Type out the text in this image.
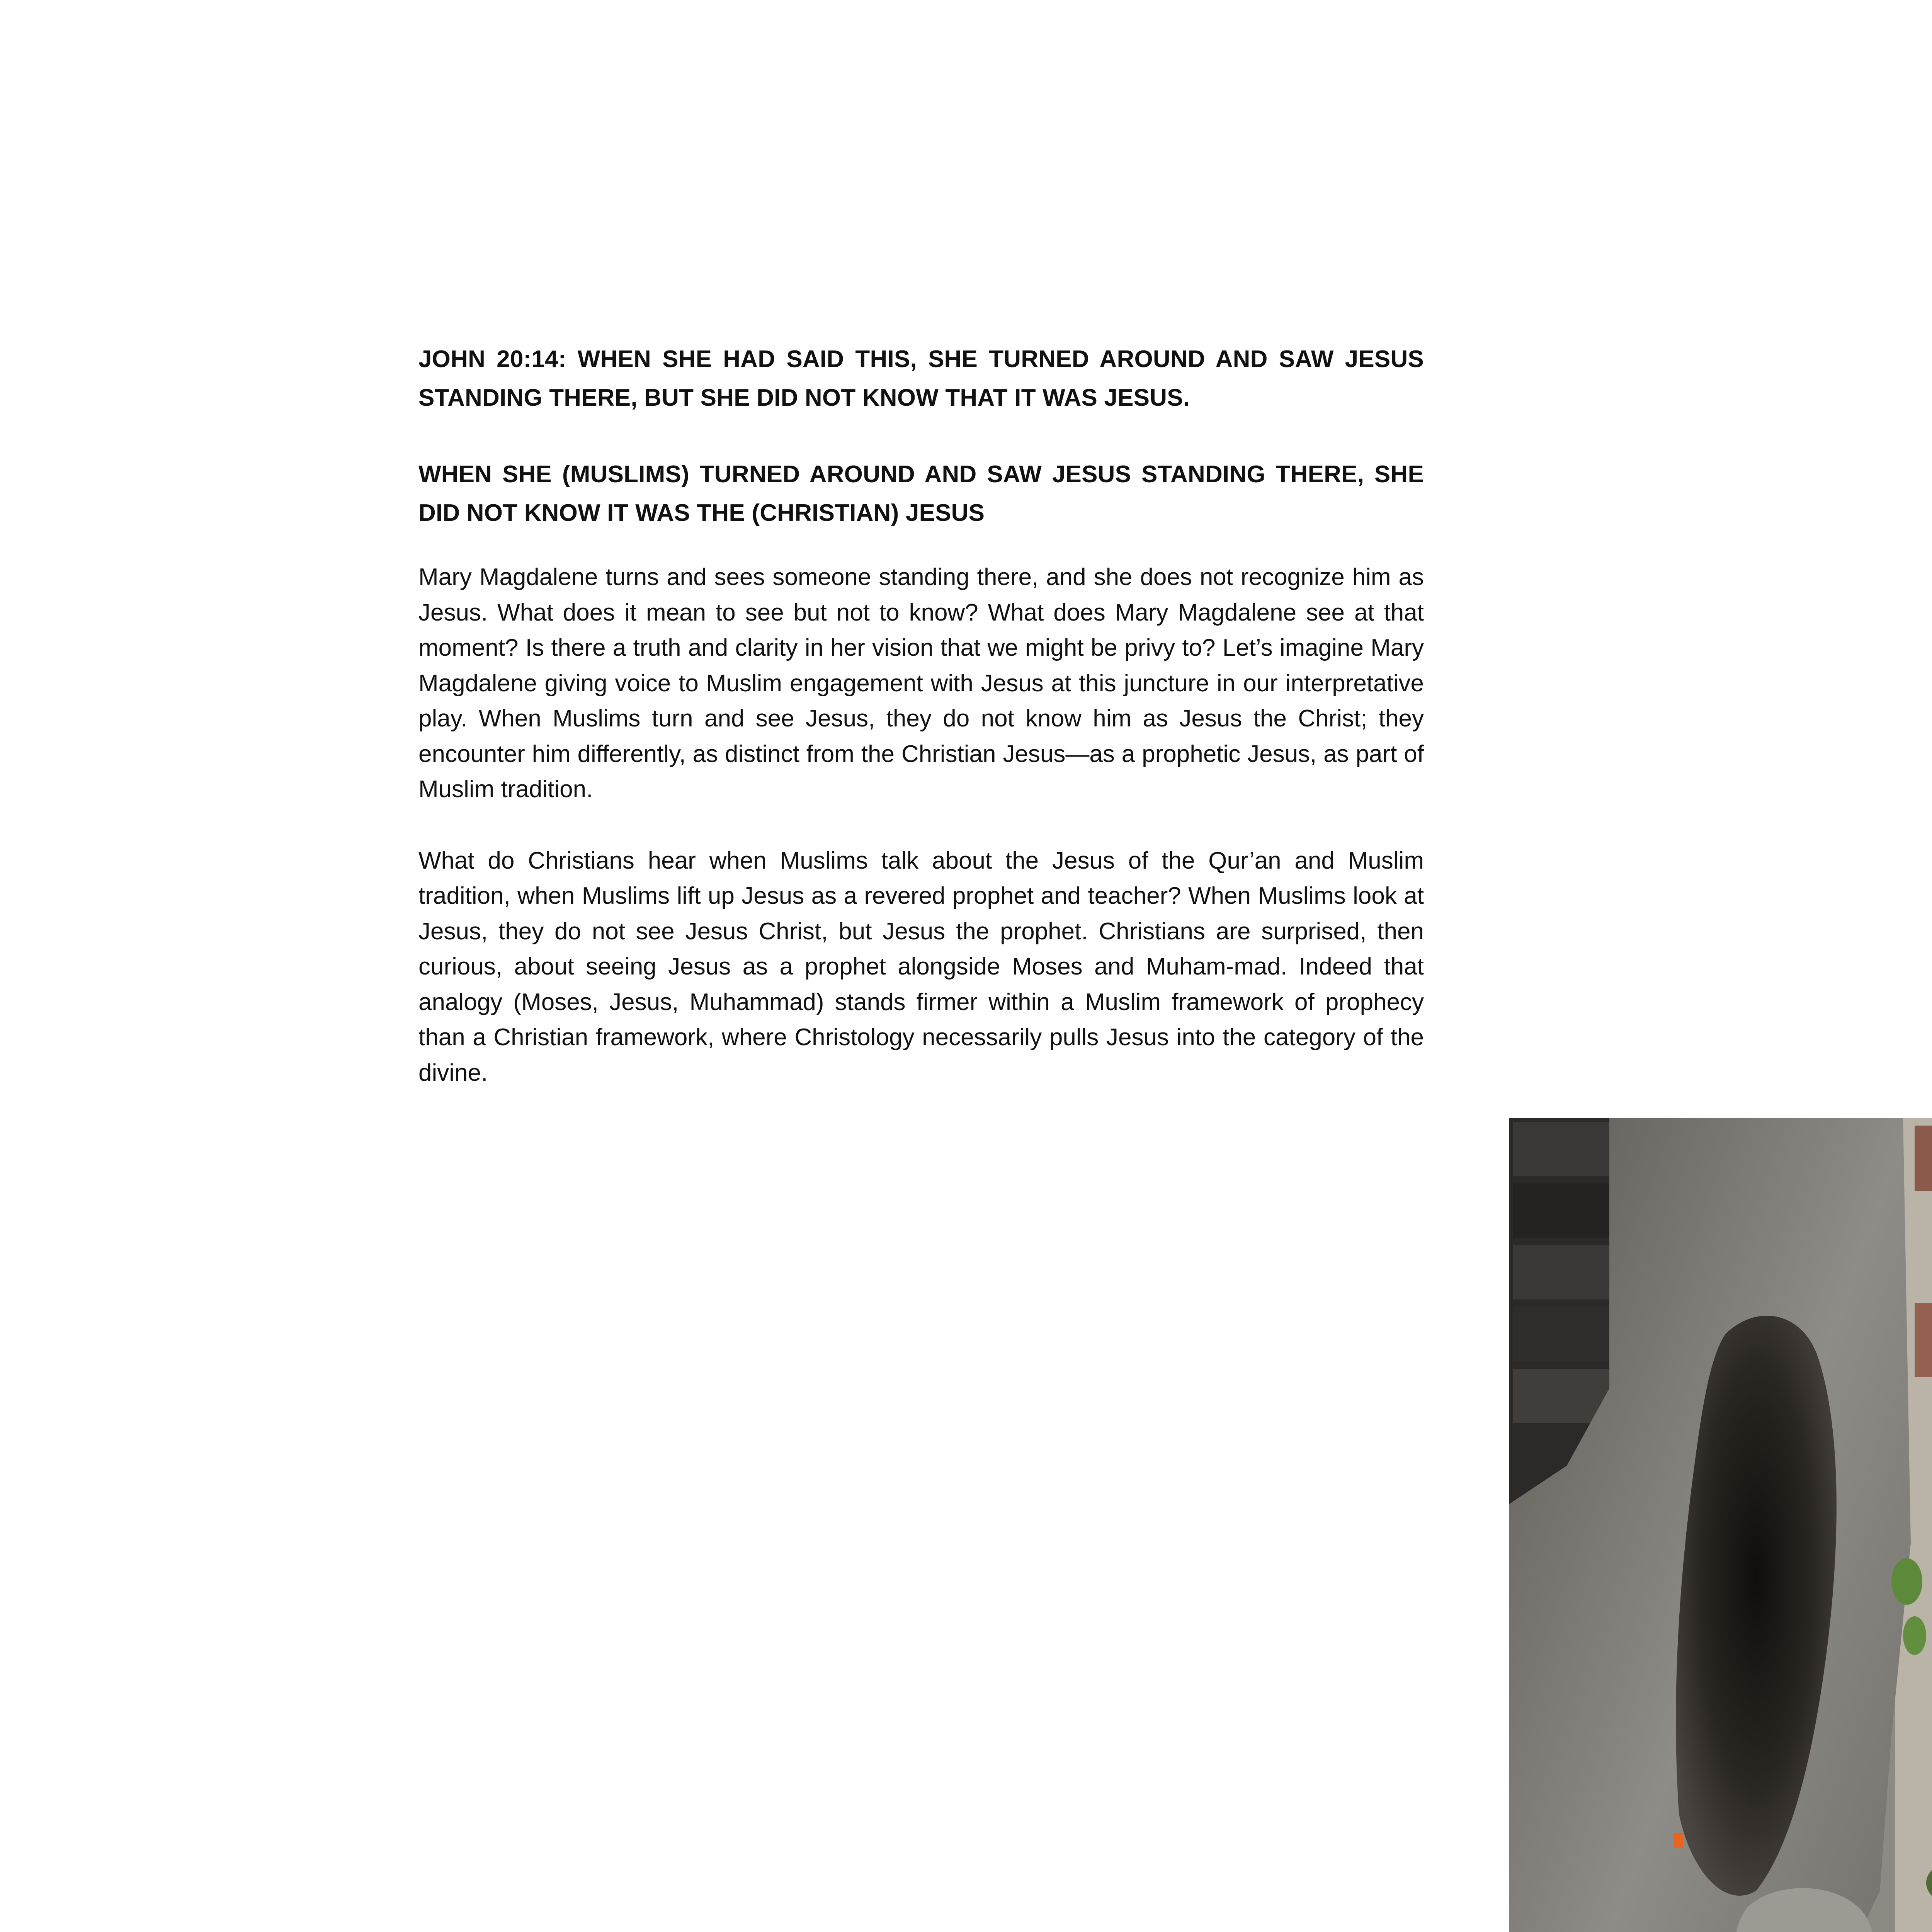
JOHN 20:14: WHEN SHE HAD SAID THIS, SHE TURNED AROUND AND SAW JESUS STANDING THERE, BUT SHE DID NOT KNOW THAT IT WAS JESUS.

WHEN SHE (MUSLIMS) TURNED AROUND AND SAW JESUS STANDING THERE, SHE DID NOT KNOW IT WAS THE (CHRISTIAN) JESUS

Mary Magdalene turns and sees someone standing there, and she does not recognize him as Jesus. What does it mean to see but not to know? What does Mary Magdalene see at that moment? Is there a truth and clarity in her vision that we might be privy to? Let’s imagine Mary Magdalene giving voice to Muslim engagement with Jesus at this juncture in our interpretative play. When Muslims turn and see Jesus, they do not know him as Jesus the Christ; they encounter him differently, as distinct from the Christian Jesus—as a prophetic Jesus, as part of Muslim tradition.

What do Christians hear when Muslims talk about the Jesus of the Qur’an and Muslim tradition, when Muslims lift up Jesus as a revered prophet and teacher? When Muslims look at Jesus, they do not see Jesus Christ, but Jesus the prophet. Christians are surprised, then curious, about seeing Jesus as a prophet alongside Moses and Muham-mad. Indeed that analogy (Moses, Jesus, Muhammad) stands firmer within a Muslim framework of prophecy than a Christian framework, where Christology necessarily pulls Jesus into the category of the divine.
